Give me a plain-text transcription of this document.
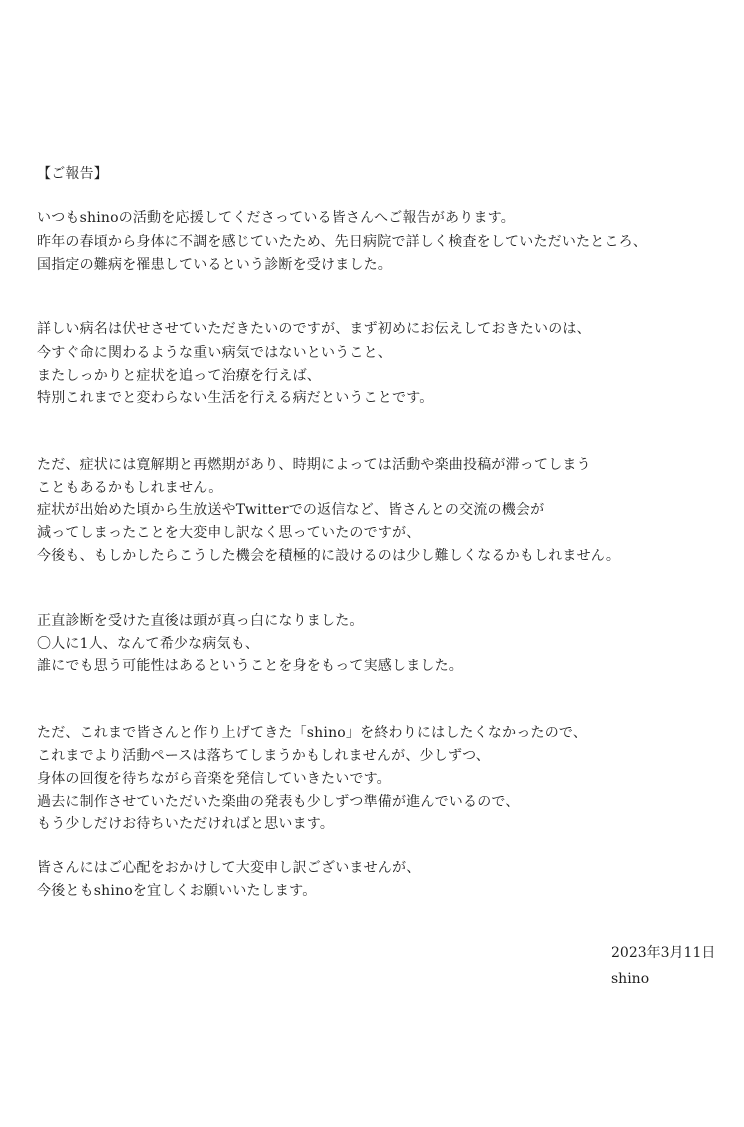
【ご報告】
いつもshinoの活動を応援してくださっている皆さんへご報告があります。
昨年の春頃から身体に不調を感じていたため、先日病院で詳しく検査をしていただいたところ、
国指定の難病を罹患しているという診断を受けました。
詳しい病名は伏せさせていただきたいのですが、まず初めにお伝えしておきたいのは、
今すぐ命に関わるような重い病気ではないということ、
またしっかりと症状を追って治療を行えば、
特別これまでと変わらない生活を行える病だということです。
ただ、症状には寛解期と再燃期があり、時期によっては活動や楽曲投稿が滞ってしまう
こともあるかもしれません。
症状が出始めた頃から生放送やTwitterでの返信など、皆さんとの交流の機会が
減ってしまったことを大変申し訳なく思っていたのですが、
今後も、もしかしたらこうした機会を積極的に設けるのは少し難しくなるかもしれません。
正直診断を受けた直後は頭が真っ白になりました。
〇人に1人、なんて希少な病気も、
誰にでも思う可能性はあるということを身をもって実感しました。
ただ、これまで皆さんと作り上げてきた「shino」を終わりにはしたくなかったので、
これまでより活動ペースは落ちてしまうかもしれませんが、少しずつ、
身体の回復を待ちながら音楽を発信していきたいです。
過去に制作させていただいた楽曲の発表も少しずつ準備が進んでいるので、
もう少しだけお待ちいただければと思います。
皆さんにはご心配をおかけして大変申し訳ございませんが、
今後ともshinoを宜しくお願いいたします。
2023年3月11日
shino
